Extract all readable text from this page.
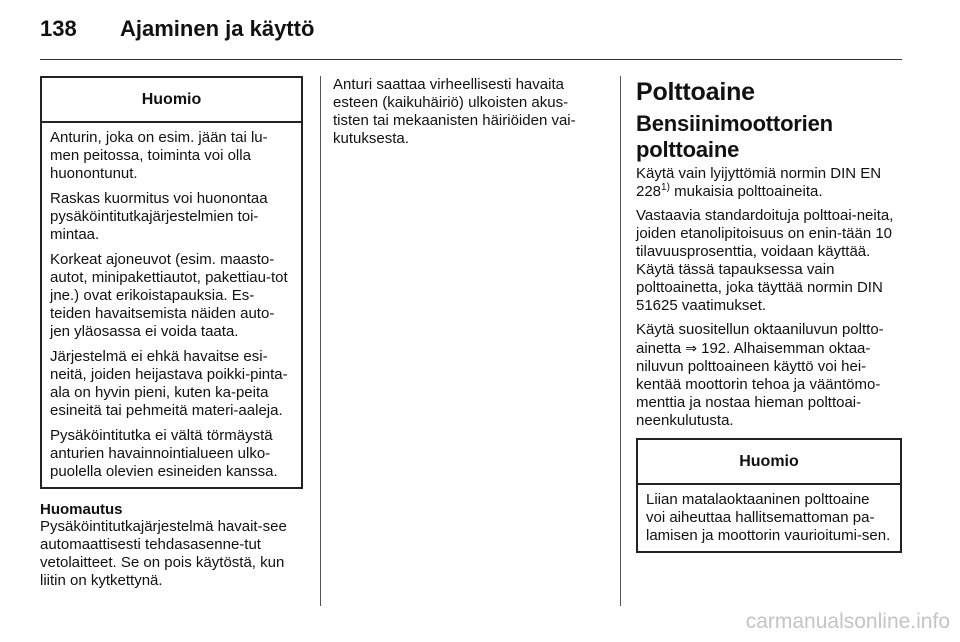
138 Ajaminen ja käyttö
Huomio

Anturin, joka on esim. jään tai lu-men peitossa, toiminta voi olla huonontunut.

Raskas kuormitus voi huonontaa pysäköintitutkajärjestelmien toi-mintaa.

Korkeat ajoneuvot (esim. maasto-autot, minipakettiautot, pakettiau-tot jne.) ovat erikoistapauksia. Es-teiden havaitsemista näiden auto-jen yläosassa ei voida taata.

Järjestelmä ei ehkä havaitse esi-neitä, joiden heijastava poikki-pinta-ala on hyvin pieni, kuten ka-peita esineitä tai pehmeitä materi-aaleja.

Pysäköintitutka ei vältä törmäystä anturien havainnointialueen ulko-puolella olevien esineiden kanssa.

Huomautus

Pysäköintitutkajärjestelmä havait-see automaattisesti tehdasasenne-tut vetolaitteet. Se on pois käytöstä, kun liitin on kytkettynä.

Anturi saattaa virheellisesti havaita esteen (kaikuhäiriö) ulkoisten akus-tisten tai mekaanisten häiriöiden vai-kutuksesta.

Polttoaine
Bensiinimoottorien polttoaine

Käytä vain lyijyttömiä normin DIN EN 228$^{1)}$ mukaisia polttoaineita.

Vastaavia standardoituja polttoai-neita, joiden etanolipitoisuus on enin-tään 10 tilavuusprosenttia, voidaan käyttää. Käytä tässä tapauksessa vain polttoainetta, joka täyttää normin DIN 51625 vaatimukset.

Käytä suositellun oktaaniluvun poltto-ainetta ⇒ 192. Alhaisemman oktaa-niluvun polttoaineen käyttö voi hei-kentää moottorin tehoa ja vääntömo-menttia ja nostaa hieman polttoai-neenkulutusta.

Huomio

Liian matalaoktaaninen polttoaine voi aiheuttaa hallitsemattoman pa-lamisen ja moottorin vaurioitumi-sen.

carmanualsonline.info
